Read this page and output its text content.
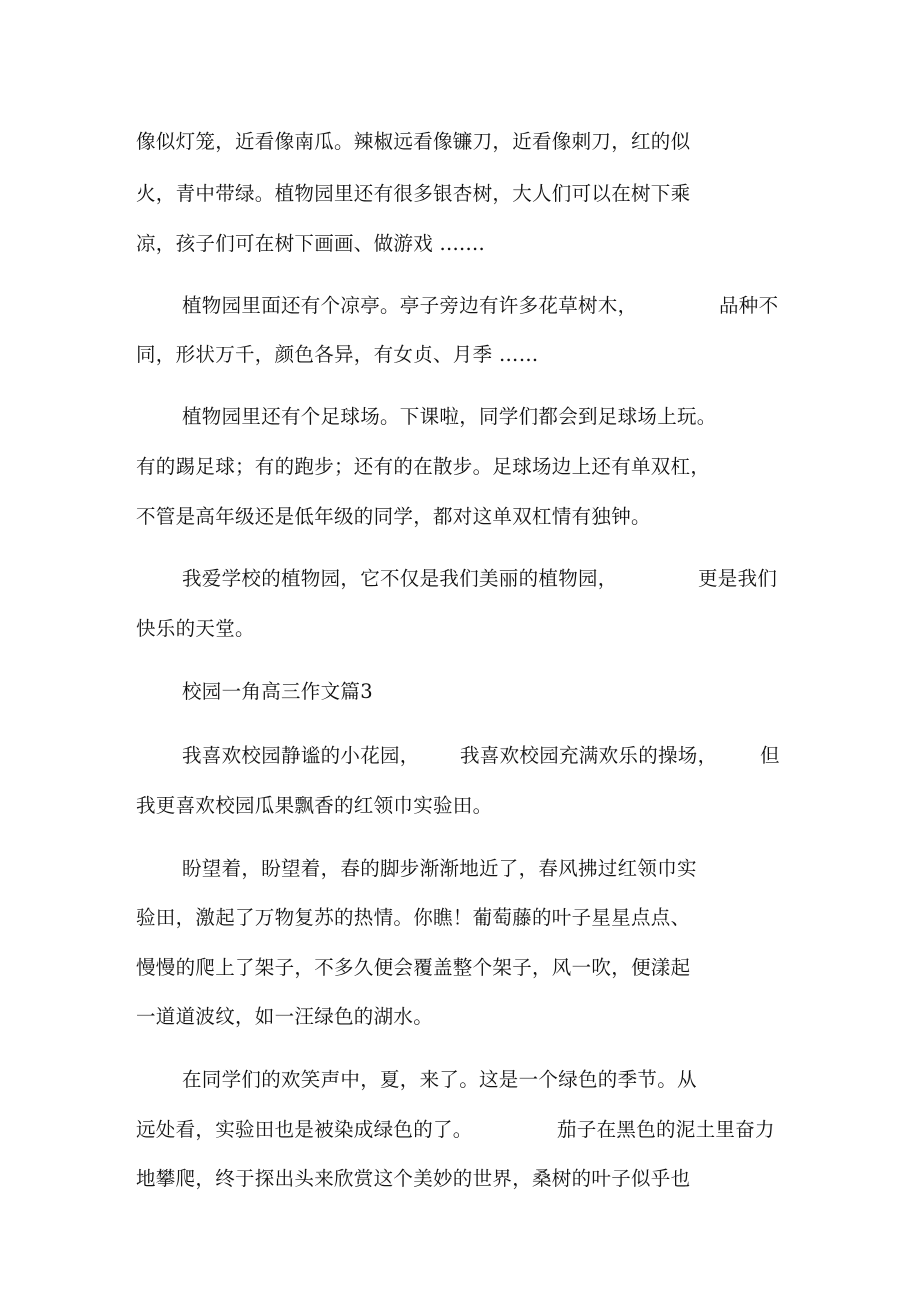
像似灯笼，近看像南瓜。辣椒远看像镰刀，近看像刺刀，红的似
火，青中带绿。植物园里还有很多银杏树，大人们可以在树下乘
凉，孩子们可在树下画画、做游戏 .......
植物园里面还有个凉亭。亭子旁边有许多花草树木，	品种不
同，形状万千，颜色各异，有女贞、月季 ……
植物园里还有个足球场。下课啦，同学们都会到足球场上玩。
有的踢足球；有的跑步；还有的在散步。足球场边上还有单双杠，
不管是高年级还是低年级的同学，都对这单双杠情有独钟。
我爱学校的植物园，它不仅是我们美丽的植物园，	更是我们
快乐的天堂。
校园一角高三作文篇3
我喜欢校园静谧的小花园， 我喜欢校园充满欢乐的操场， 但
我更喜欢校园瓜果飘香的红领巾实验田。
盼望着，盼望着，春的脚步渐渐地近了，春风拂过红领巾实
验田，激起了万物复苏的热情。你瞧！葡萄藤的叶子星星点点、
慢慢的爬上了架子，不多久便会覆盖整个架子，风一吹，便漾起
一道道波纹，如一汪绿色的湖水。
在同学们的欢笑声中，夏，来了。这是一个绿色的季节。从
远处看，实验田也是被染成绿色的了。	茄子在黑色的泥土里奋力
地攀爬，终于探出头来欣赏这个美妙的世界，桑树的叶子似乎也
